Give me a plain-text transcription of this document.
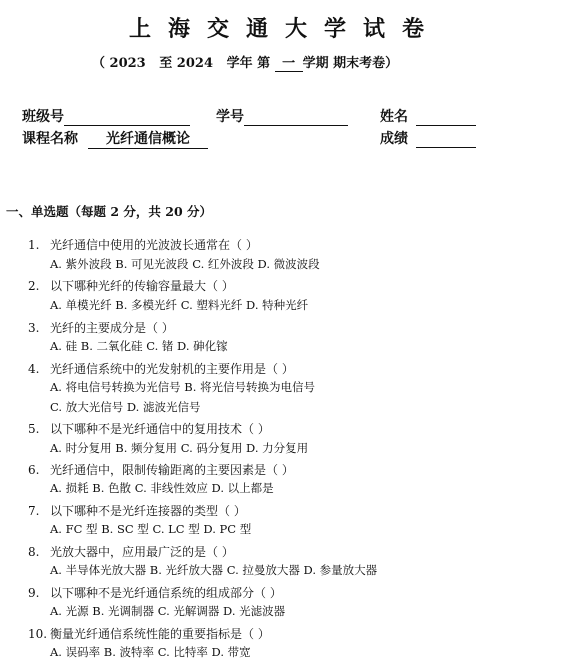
上海交通大学试卷
（ 2023   至 2024   学年 第 一 学期 期末考卷）
班级号	学号	姓名
课程名称 光纤通信概论	成绩
一、单选题（每题 2 分，共 20 分）
1. 光纤通信中使用的光波波长通常在（ ）
A. 紫外波段 B. 可见光波段 C. 红外波段 D. 微波波段
2. 以下哪种光纤的传输容量最大（ ）
A. 单模光纤 B. 多模光纤 C. 塑料光纤 D. 特种光纤
3. 光纤的主要成分是（ ）
A. 硅 B. 二氧化硅 C. 锗 D. 砷化镓
4. 光纤通信系统中的光发射机的主要作用是（ ）
A. 将电信号转换为光信号 B. 将光信号转换为电信号
C. 放大光信号 D. 滤波光信号
5. 以下哪种不是光纤通信中的复用技术（ ）
A. 时分复用 B. 频分复用 C. 码分复用 D. 力分复用
6. 光纤通信中，限制传输距离的主要因素是（ ）
A. 损耗 B. 色散 C. 非线性效应 D. 以上都是
7. 以下哪种不是光纤连接器的类型（ ）
A. FC 型 B. SC 型 C. LC 型 D. PC 型
8. 光放大器中，应用最广泛的是（ ）
A. 半导体光放大器 B. 光纤放大器 C. 拉曼放大器 D. 参量放大器
9. 以下哪种不是光纤通信系统的组成部分（ ）
A. 光源 B. 光调制器 C. 光解调器 D. 光滤波器
10. 衡量光纤通信系统性能的重要指标是（ ）
A. 误码率 B. 波特率 C. 比特率 D. 带宽
